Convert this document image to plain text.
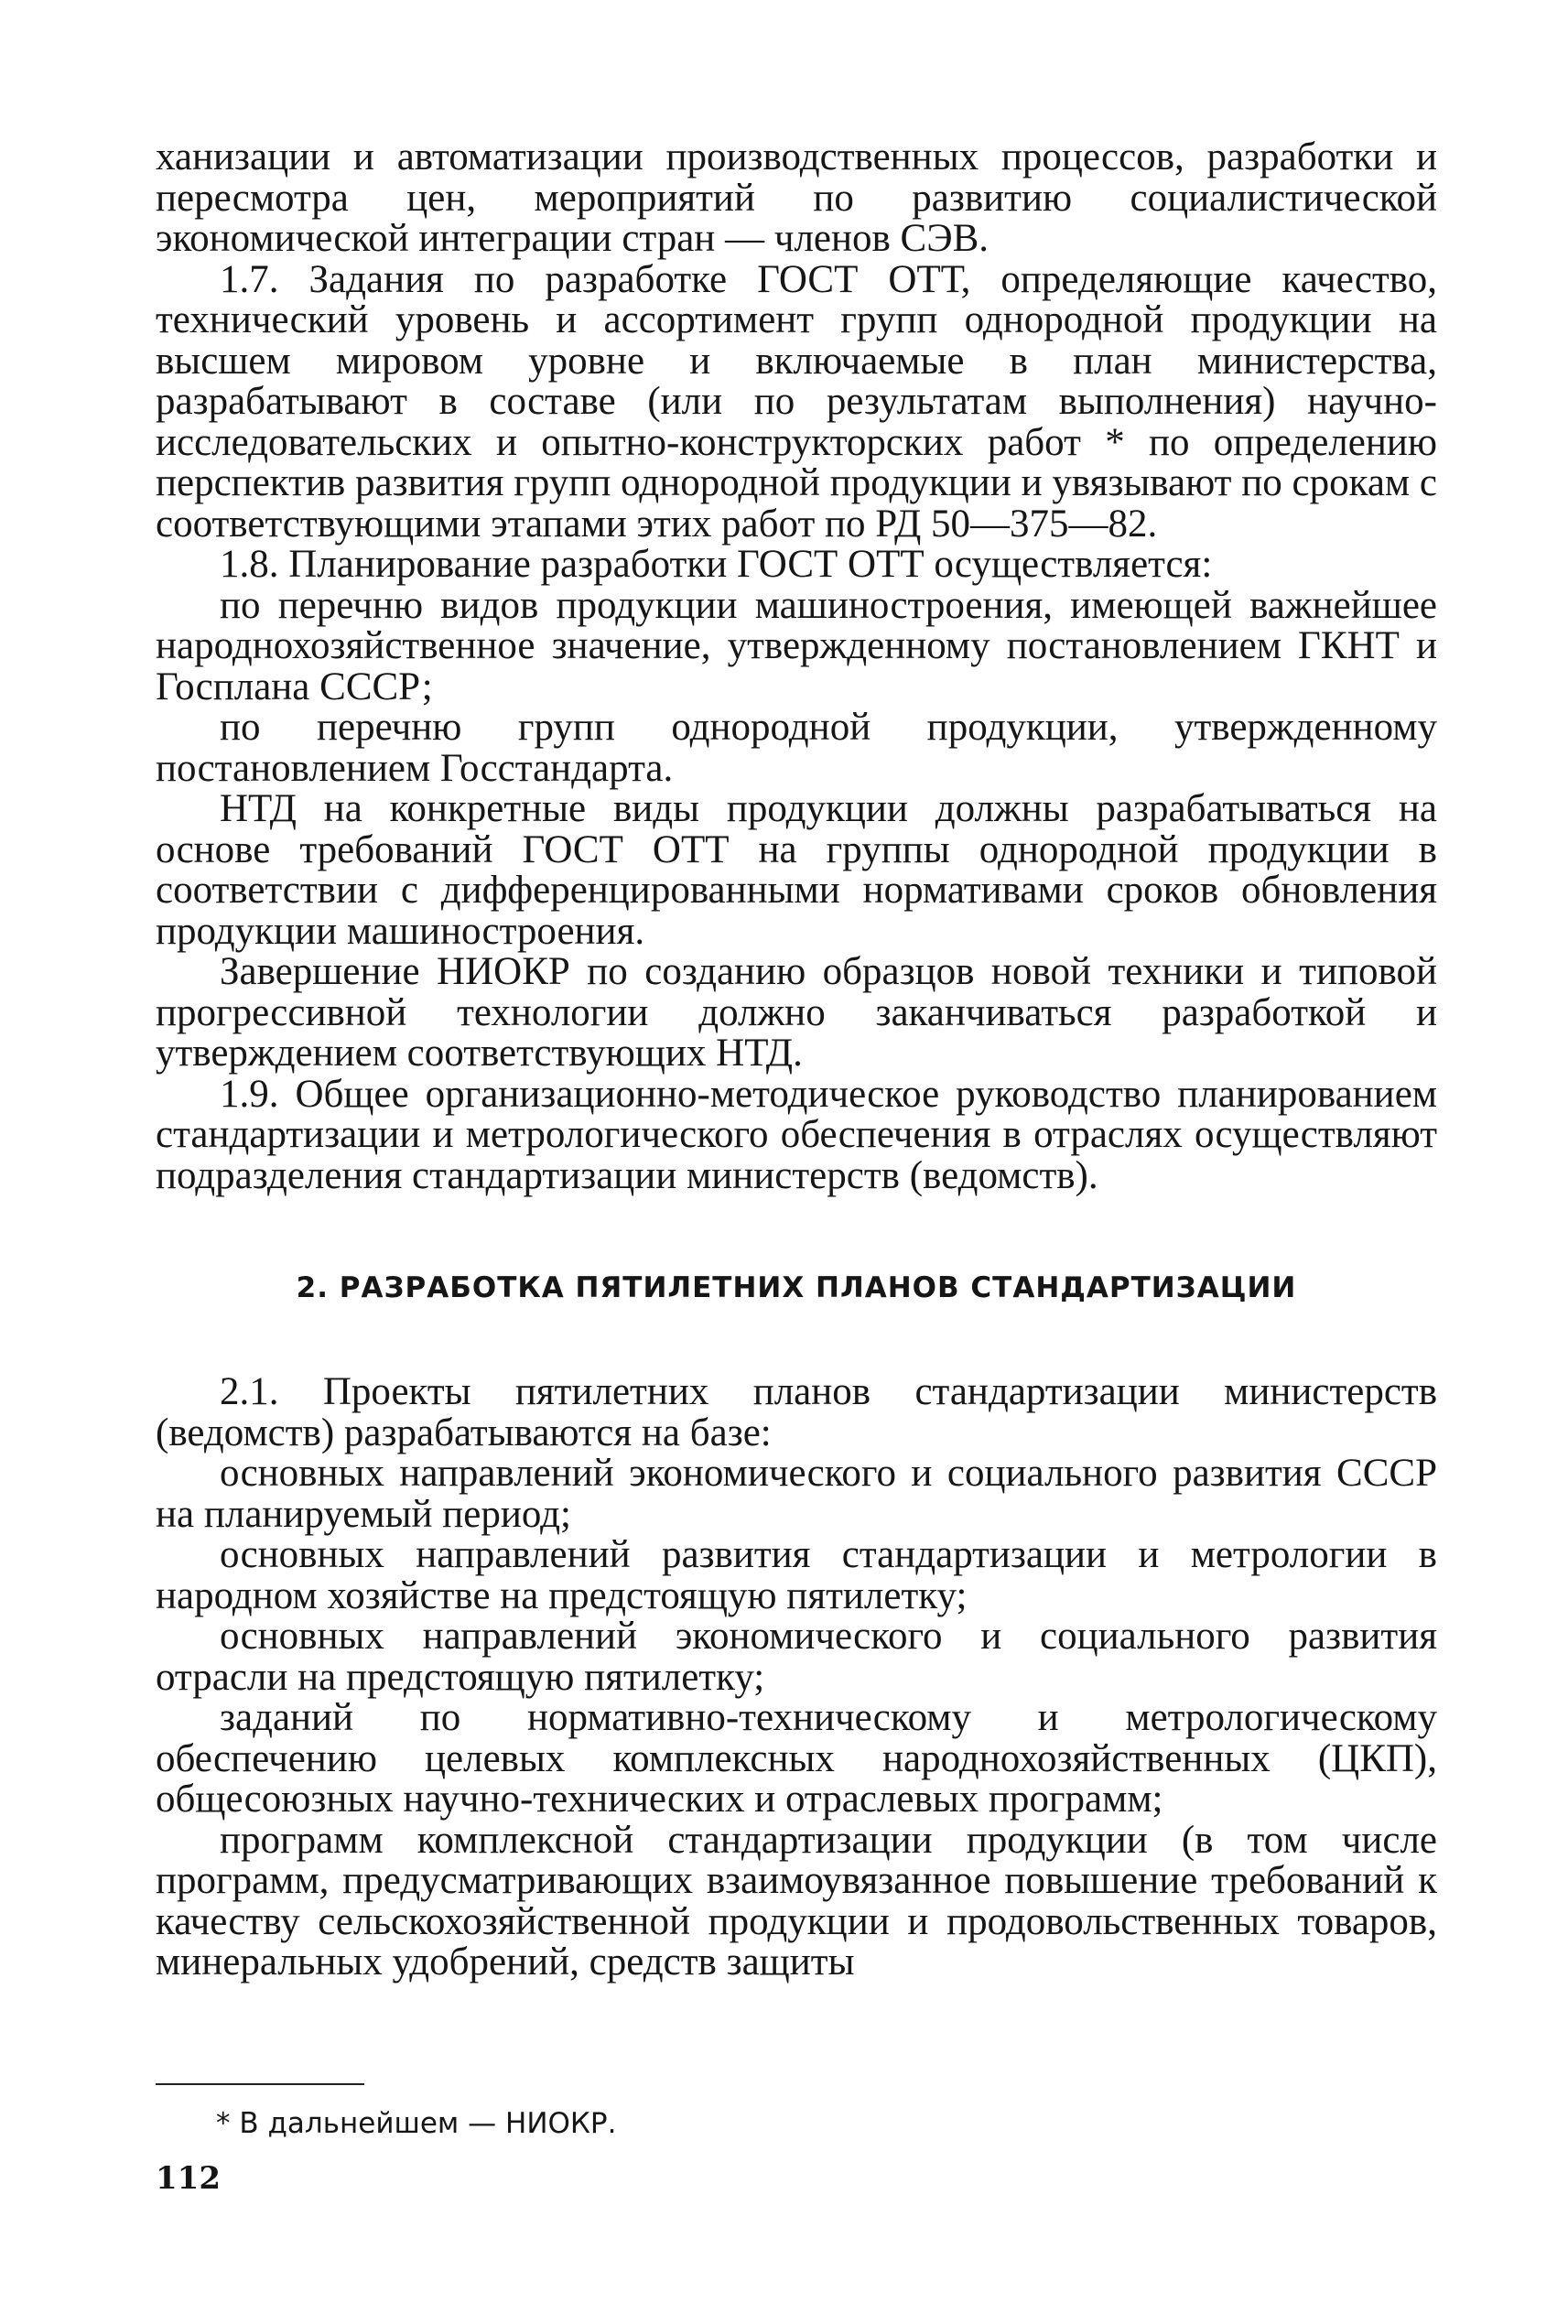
ханизации и автоматизации производственных процессов, разработки и пересмотра цен, мероприятий по развитию социалистической экономической интеграции стран — членов СЭВ.

1.7. Задания по разработке ГОСТ ОТТ, определяющие качество, технический уровень и ассортимент групп однородной продукции на высшем мировом уровне и включаемые в план министерства, разрабатывают в составе (или по результатам выполнения) научно-исследовательских и опытно-конструкторских работ * по определению перспектив развития групп однородной продукции и увязывают по срокам с соответствующими этапами этих работ по РД 50—375—82.

1.8. Планирование разработки ГОСТ ОТТ осуществляется:

по перечню видов продукции машиностроения, имеющей важнейшее народнохозяйственное значение, утвержденному постановлением ГКНТ и Госплана СССР;

по перечню групп однородной продукции, утвержденному постановлением Госстандарта.

НТД на конкретные виды продукции должны разрабатываться на основе требований ГОСТ ОТТ на группы однородной продукции в соответствии с дифференцированными нормативами сроков обновления продукции машиностроения.

Завершение НИОКР по созданию образцов новой техники и типовой прогрессивной технологии должно заканчиваться разработкой и утверждением соответствующих НТД.

1.9. Общее организационно-методическое руководство планированием стандартизации и метрологического обеспечения в отраслях осуществляют подразделения стандартизации министерств (ведомств).

2. РАЗРАБОТКА ПЯТИЛЕТНИХ ПЛАНОВ СТАНДАРТИЗАЦИИ

2.1. Проекты пятилетних планов стандартизации министерств (ведомств) разрабатываются на базе:

основных направлений экономического и социального развития СССР на планируемый период;

основных направлений развития стандартизации и метрологии в народном хозяйстве на предстоящую пятилетку;

основных направлений экономического и социального развития отрасли на предстоящую пятилетку;

заданий по нормативно-техническому и метрологическому обеспечению целевых комплексных народнохозяйственных (ЦКП), общесоюзных научно-технических и отраслевых программ;

программ комплексной стандартизации продукции (в том числе программ, предусматривающих взаимоувязанное повышение требований к качеству сельскохозяйственной продукции и продовольственных товаров, минеральных удобрений, средств защиты

* В дальнейшем — НИОКР.
112
